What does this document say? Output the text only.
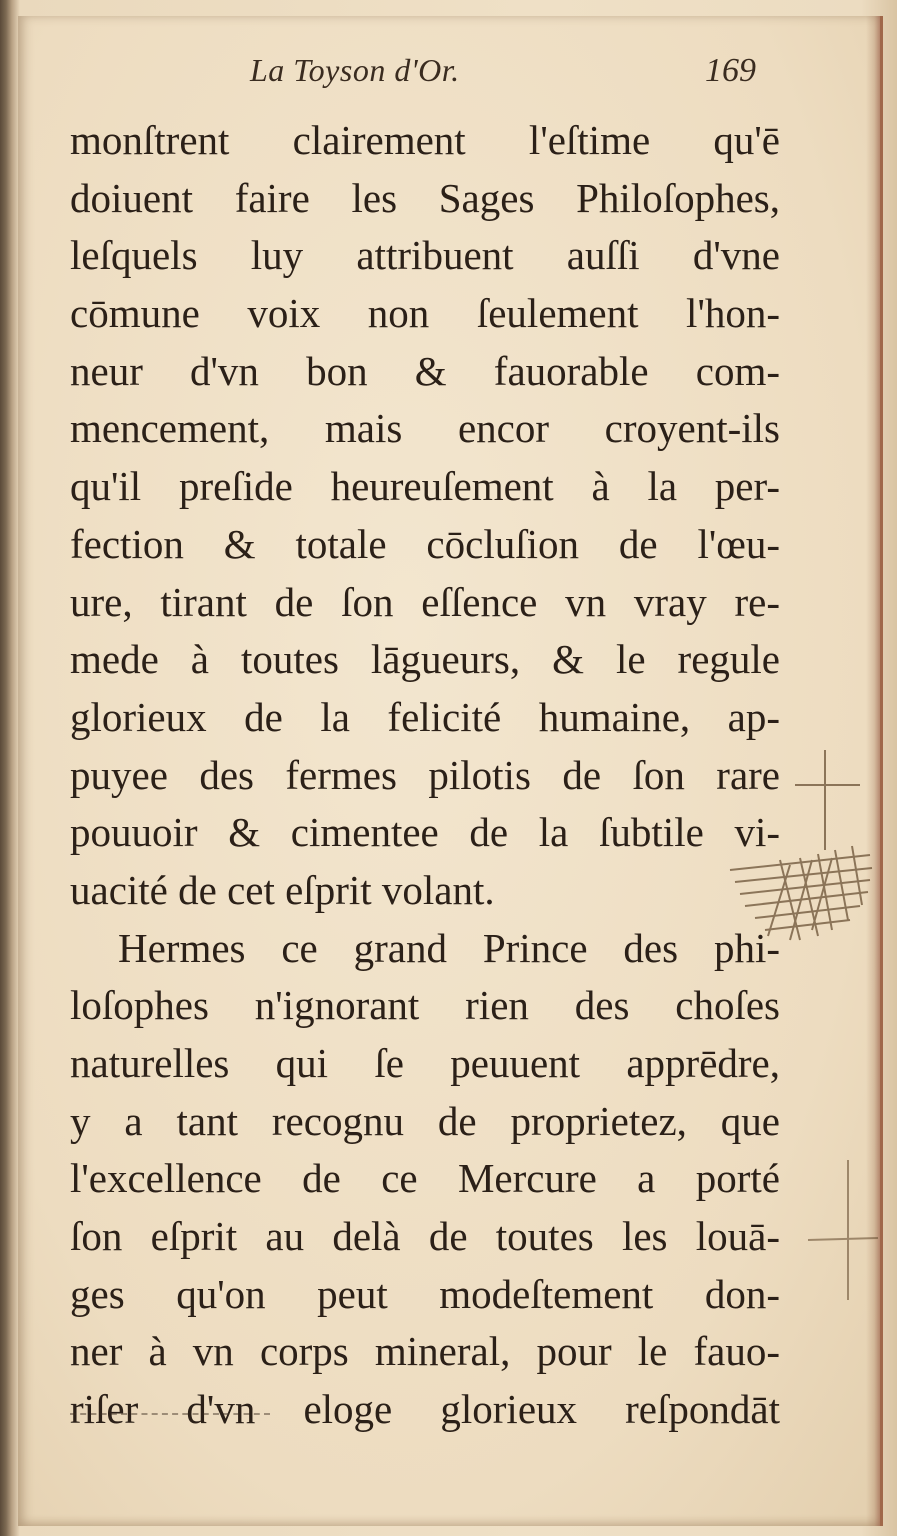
La Toyson d'Or.	169
monſtrent clairement l'eſtime qu'ē
doiuent faire les Sages Philoſophes,
leſquels luy attribuent auſſi d'vne
cōmune voix non ſeulement l'hon-
neur d'vn bon & fauorable com-
mencement, mais encor croyent-ils
qu'il preſide heureuſement à la per-
fection & totale cōcluſion de l'œu-
ure, tirant de ſon eſſence vn vray re-
mede à toutes lāgueurs, & le regule
glorieux de la felicité humaine, ap-
puyee des fermes pilotis de ſon rare
pouuoir & cimentee de la ſubtile vi-
uacité de cet eſprit volant.
Hermes ce grand Prince des phi-
loſophes n'ignorant rien des choſes
naturelles qui ſe peuuent apprēdre,
y a tant recognu de proprietez, que
l'excellence de ce Mercure a porté
ſon eſprit au delà de toutes les louā-
ges qu'on peut modeſtement don-
ner à vn corps mineral, pour le fauo-
riſer d'vn eloge glorieux reſpondāt
